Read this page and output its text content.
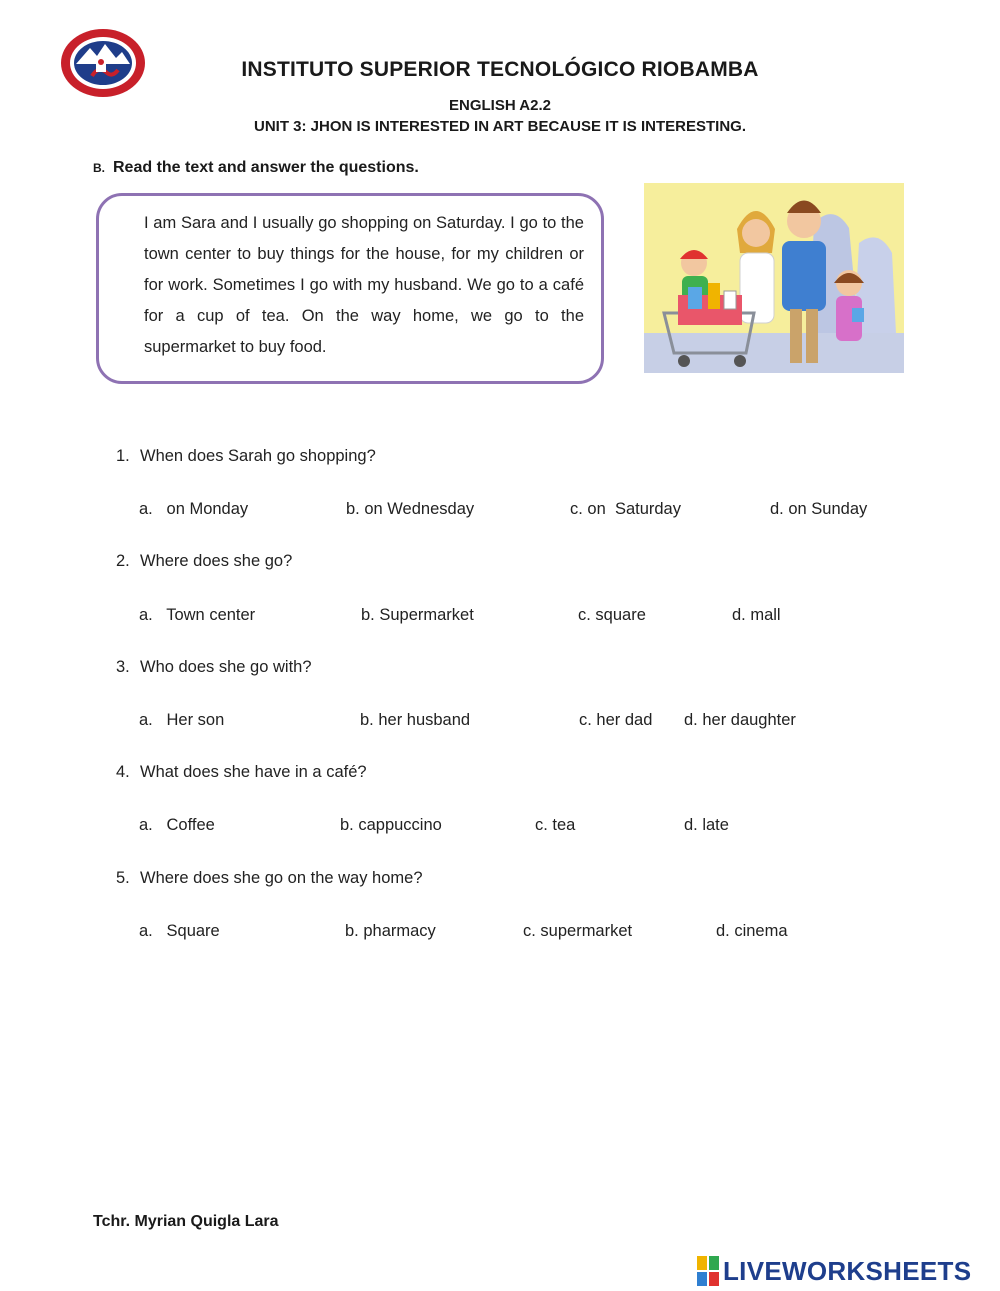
INSTITUTO SUPERIOR TECNOLÓGICO RIOBAMBA
ENGLISH A2.2
UNIT 3: JHON IS INTERESTED IN ART BECAUSE IT IS INTERESTING.
B. Read the text and answer the questions.
I am Sara and I usually go shopping on Saturday. I go to the town center to buy things for the house, for my children or for work. Sometimes I go with my husband. We go to a café for a cup of tea. On the way home, we go to the supermarket to buy food.
1. When does Sarah go shopping?
a.   on Monday	b. on Wednesday	c. on  Saturday	d. on Sunday
2. Where does she go?
a.   Town center	b. Supermarket	c. square	d. mall
3. Who does she go with?
a.   Her son	b. her husband	c. her dad d. her daughter
4. What does she have in a café?
a.   Coffee	b. cappuccino	c. tea	d. late
5. Where does she go on the way home?
a.   Square	b. pharmacy	c. supermarket	d. cinema
Tchr. Myrian Quigla Lara
LIVEWORKSHEETS
